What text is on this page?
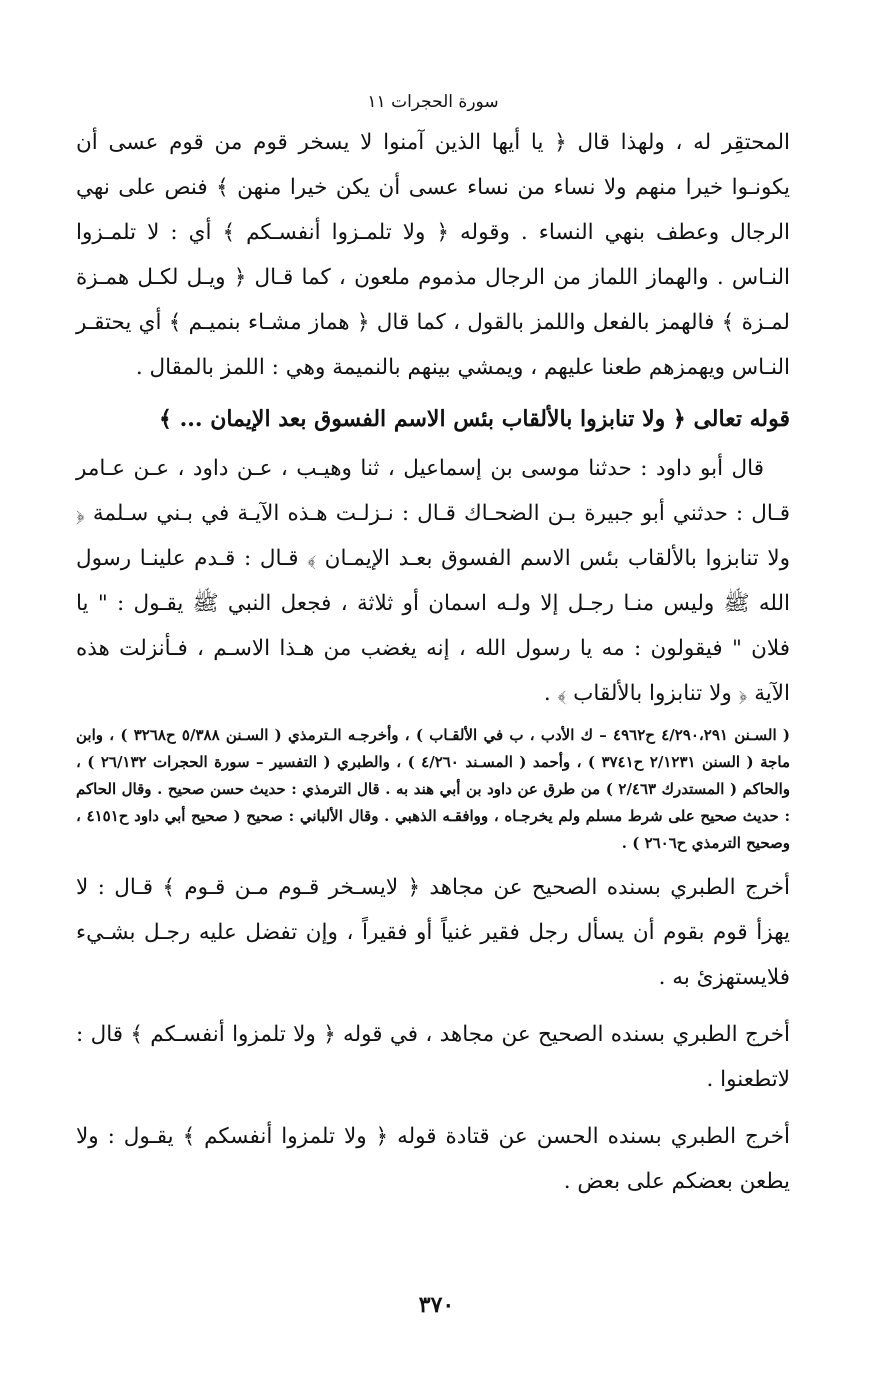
سورة الحجرات ١١

المحتقِر له ، ولهذا قال ﴿ يا أيها الذين آمنوا لا يسخر قوم من قوم عسى أن يكونـوا خيرا منهم ولا نساء من نساء عسى أن يكن خيرا منهن ﴾ فنص على نهي الرجال وعطف بنهي النساء . وقوله ﴿ ولا تلمـزوا أنفسـكم ﴾ أي : لا تلمـزوا النـاس . والهماز اللماز من الرجال مذموم ملعون ، كما قـال ﴿ ويـل لكـل همـزة لمـزة ﴾ فالهمز بالفعل واللمز بالقول ، كما قال ﴿ هماز مشـاء بنميـم ﴾ أي يحتقـر النـاس ويهمزهم طعنا عليهم ، ويمشي بينهم بالنميمة وهي : اللمز بالمقال .

قوله تعالى ﴿ ولا تنابزوا بالألقاب بئس الاسم الفسوق بعد الإيمان ... ﴾

قال أبو داود : حدثنا موسى بن إسماعيل ، ثنا وهيـب ، عـن داود ، عـن عـامر قـال : حدثني أبو جبيرة بـن الضحـاك قـال : نـزلـت هـذه الآيـة في بـني سـلمة ﴿ ولا تنابزوا بالألقاب بئس الاسم الفسوق بعـد الإيمـان ﴾ قـال : قـدم علينـا رسول الله ﷺ وليس منـا رجـل إلا ولـه اسمان أو ثلاثة ، فجعل النبي ﷺ يقـول : " يا فلان " فيقولون : مه يا رسول الله ، إنه يغضب من هـذا الاسـم ، فـأنزلت هذه الآية ﴿ ولا تنابزوا بالألقاب ﴾ .

( السـنن ٤/٢٩٠،٢٩١ ح٤٩٦٢ – ك الأدب ، ب في الألقـاب ) ، وأخرجـه الـترمذي ( السـنن ٥/٣٨٨ ح٣٢٦٨ ) ، وابن ماجة ( السنن ٢/١٢٣١ ح٣٧٤١ ) ، وأحمد ( المسـند ٤/٢٦٠ ) ، والطبري ( التفسير – سورة الحجرات ٢٦/١٣٢ ) ، والحاكم ( المستدرك ٢/٤٦٣ ) من طرق عن داود بن أبي هند به . قال الترمذي : حديث حسن صحيح . وقال الحاكم : حديث صحيح على شرط مسلم ولم يخرجـاه ، ووافقـه الذهبي . وقال الألباني : صحيح ( صحيح أبي داود ح٤١٥١ ، وصحيح الترمذي ح٢٦٠٦ ) .

أخرج الطبري بسنده الصحيح عن مجاهد ﴿ لايسـخر قـوم مـن قـوم ﴾ قـال : لا يهزأ قوم بقوم أن يسأل رجل فقير غنياً أو فقيراً ، وإن تفضل عليه رجـل بشـيء فلايستهزئ به .

أخرج الطبري بسنده الصحيح عن مجاهد ، في قوله ﴿ ولا تلمزوا أنفسـكم ﴾ قال : لاتطعنوا .

أخرج الطبري بسنده الحسن عن قتادة قوله ﴿ ولا تلمزوا أنفسكم ﴾ يقـول : ولا يطعن بعضكم على بعض .

٣٧٠
